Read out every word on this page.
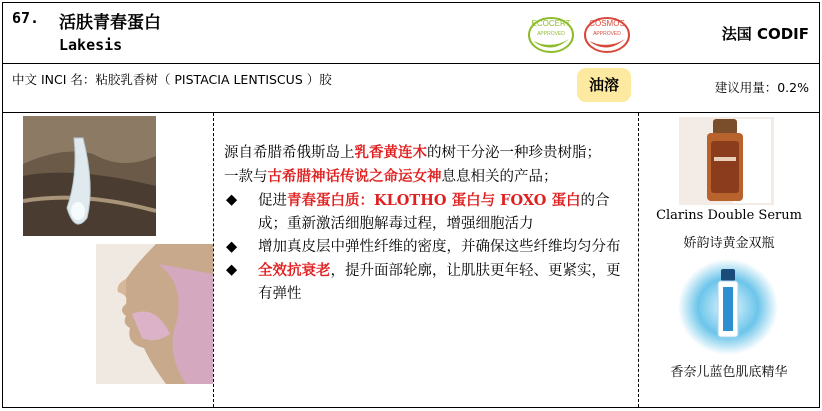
67. 活肤青春蛋白
Lakesis
ECOCERT
APPROVED
COSMOS
APPROVED	法国 CODIF
中文 INCI 名：粘胶乳香树（ PISTACIA LENTISCUS ）胶	油溶	建议用量：0.2%

源自希腊希俄斯岛上乳香黄连木的树干分泌一种珍贵树脂；

一款与古希腊神话传说之命运女神息息相关的产品；

◆ 促进青春蛋白质：KLOTHO 蛋白与 FOXO 蛋白的合成；重新激活细胞解毒过程，增强细胞活力

◆ 增加真皮层中弹性纤维的密度，并确保这些纤维均匀分布

◆ 全效抗衰老，提升面部轮廓，让肌肤更年轻、更紧实，更有弹性

Clarins Double Serum
娇韵诗黄金双瓶
香奈儿蓝色肌底精华
